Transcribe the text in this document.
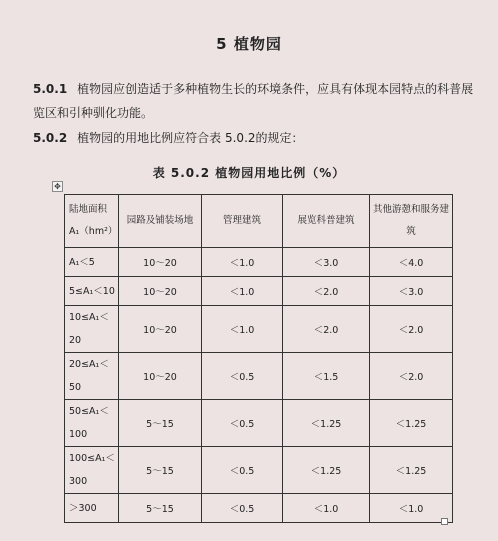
5 植物园
5.0.1 植物园应创造适于多种植物生长的环境条件，应具有体现本园特点的科普展览区和引种驯化功能。
5.0.2 植物园的用地比例应符合表 5.0.2的规定：
表 5.0.2 植物园用地比例（%）
✥
陆地面积A₁（hm²）	园路及铺装场地	管理建筑	展览科普建筑	其他游憩和服务建筑
A₁＜5	10～20	＜1.0	＜3.0	＜4.0
5≤A₁＜10	10～20	＜1.0	＜2.0	＜3.0
10≤A₁＜20	10～20	＜1.0	＜2.0	＜2.0
20≤A₁＜50	10～20	＜0.5	＜1.5	＜2.0
50≤A₁＜100	5～15	＜0.5	＜1.25	＜1.25
100≤A₁＜300	5～15	＜0.5	＜1.25	＜1.25
＞300	5～15	＜0.5	＜1.0	＜1.0
